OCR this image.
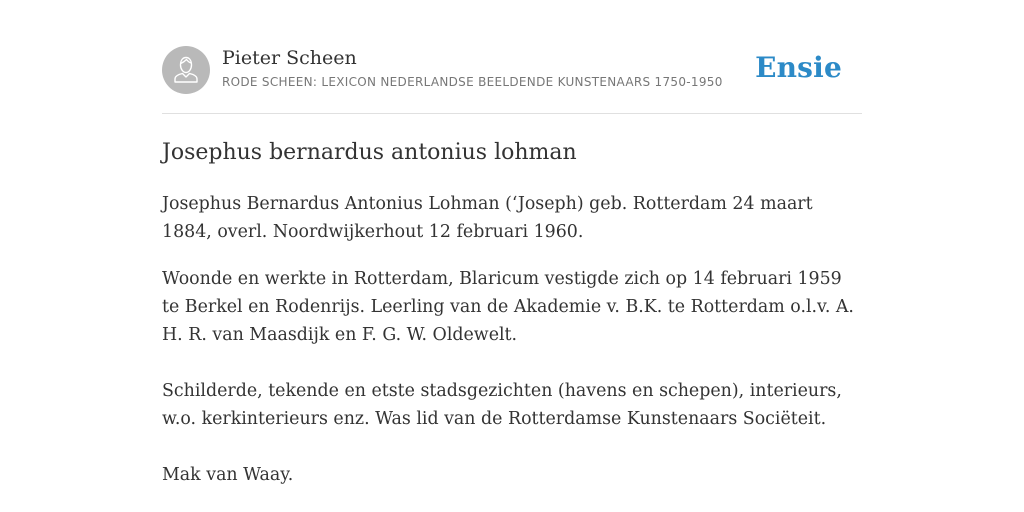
Pieter Scheen
RODE SCHEEN: LEXICON NEDERLANDSE BEELDENDE KUNSTENAARS 1750-1950 Ensie
Josephus bernardus antonius lohman

Josephus Bernardus Antonius Lohman (‘Joseph) geb. Rotterdam 24 maart 1884, overl. Noordwijkerhout 12 februari 1960.

Woonde en werkte in Rotterdam, Blaricum vestigde zich op 14 februari 1959 te Berkel en Rodenrijs. Leerling van de Akademie v. B.K. te Rotterdam o.l.v. A. H. R. van Maasdijk en F. G. W. Oldewelt.

Schilderde, tekende en etste stadsgezichten (havens en schepen), interieurs, w.o. kerkinterieurs enz. Was lid van de Rotterdamse Kunstenaars Sociëteit.

Mak van Waay.
